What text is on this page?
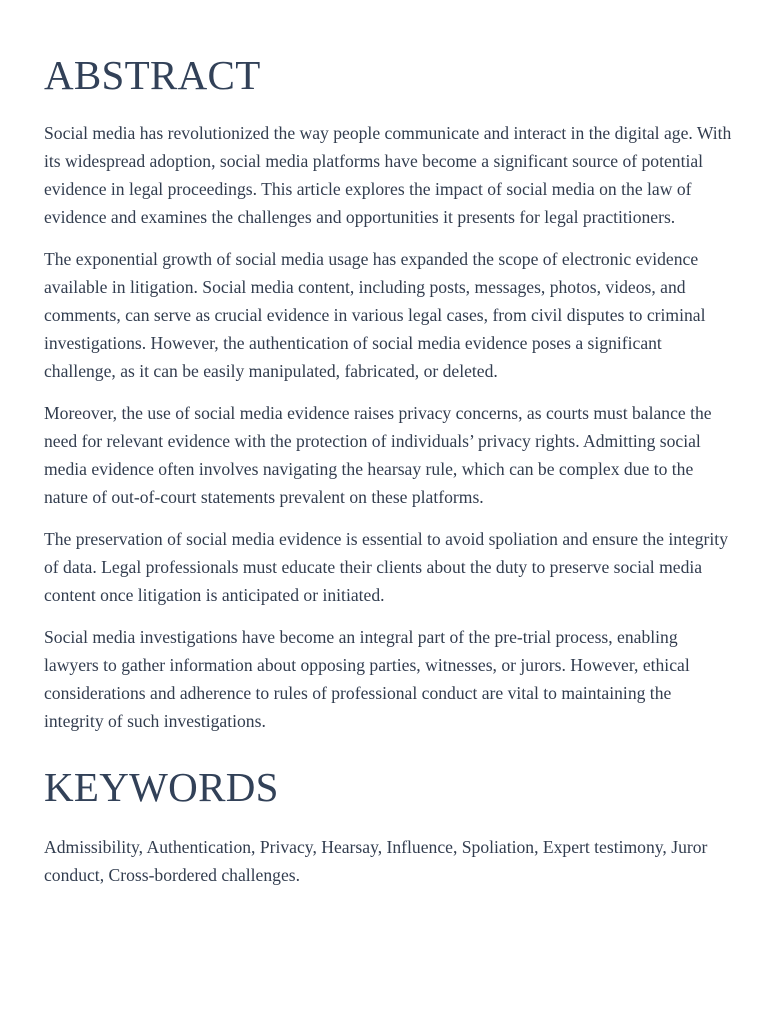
ABSTRACT

Social media has revolutionized the way people communicate and interact in the digital age. With its widespread adoption, social media platforms have become a significant source of potential evidence in legal proceedings. This article explores the impact of social media on the law of evidence and examines the challenges and opportunities it presents for legal practitioners.

The exponential growth of social media usage has expanded the scope of electronic evidence available in litigation. Social media content, including posts, messages, photos, videos, and comments, can serve as crucial evidence in various legal cases, from civil disputes to criminal investigations. However, the authentication of social media evidence poses a significant challenge, as it can be easily manipulated, fabricated, or deleted.

Moreover, the use of social media evidence raises privacy concerns, as courts must balance the need for relevant evidence with the protection of individuals’ privacy rights. Admitting social media evidence often involves navigating the hearsay rule, which can be complex due to the nature of out-of-court statements prevalent on these platforms.

The preservation of social media evidence is essential to avoid spoliation and ensure the integrity of data. Legal professionals must educate their clients about the duty to preserve social media content once litigation is anticipated or initiated.

Social media investigations have become an integral part of the pre-trial process, enabling lawyers to gather information about opposing parties, witnesses, or jurors. However, ethical considerations and adherence to rules of professional conduct are vital to maintaining the integrity of such investigations.

KEYWORDS

Admissibility, Authentication, Privacy, Hearsay, Influence, Spoliation, Expert testimony, Juror conduct, Cross-bordered challenges.
